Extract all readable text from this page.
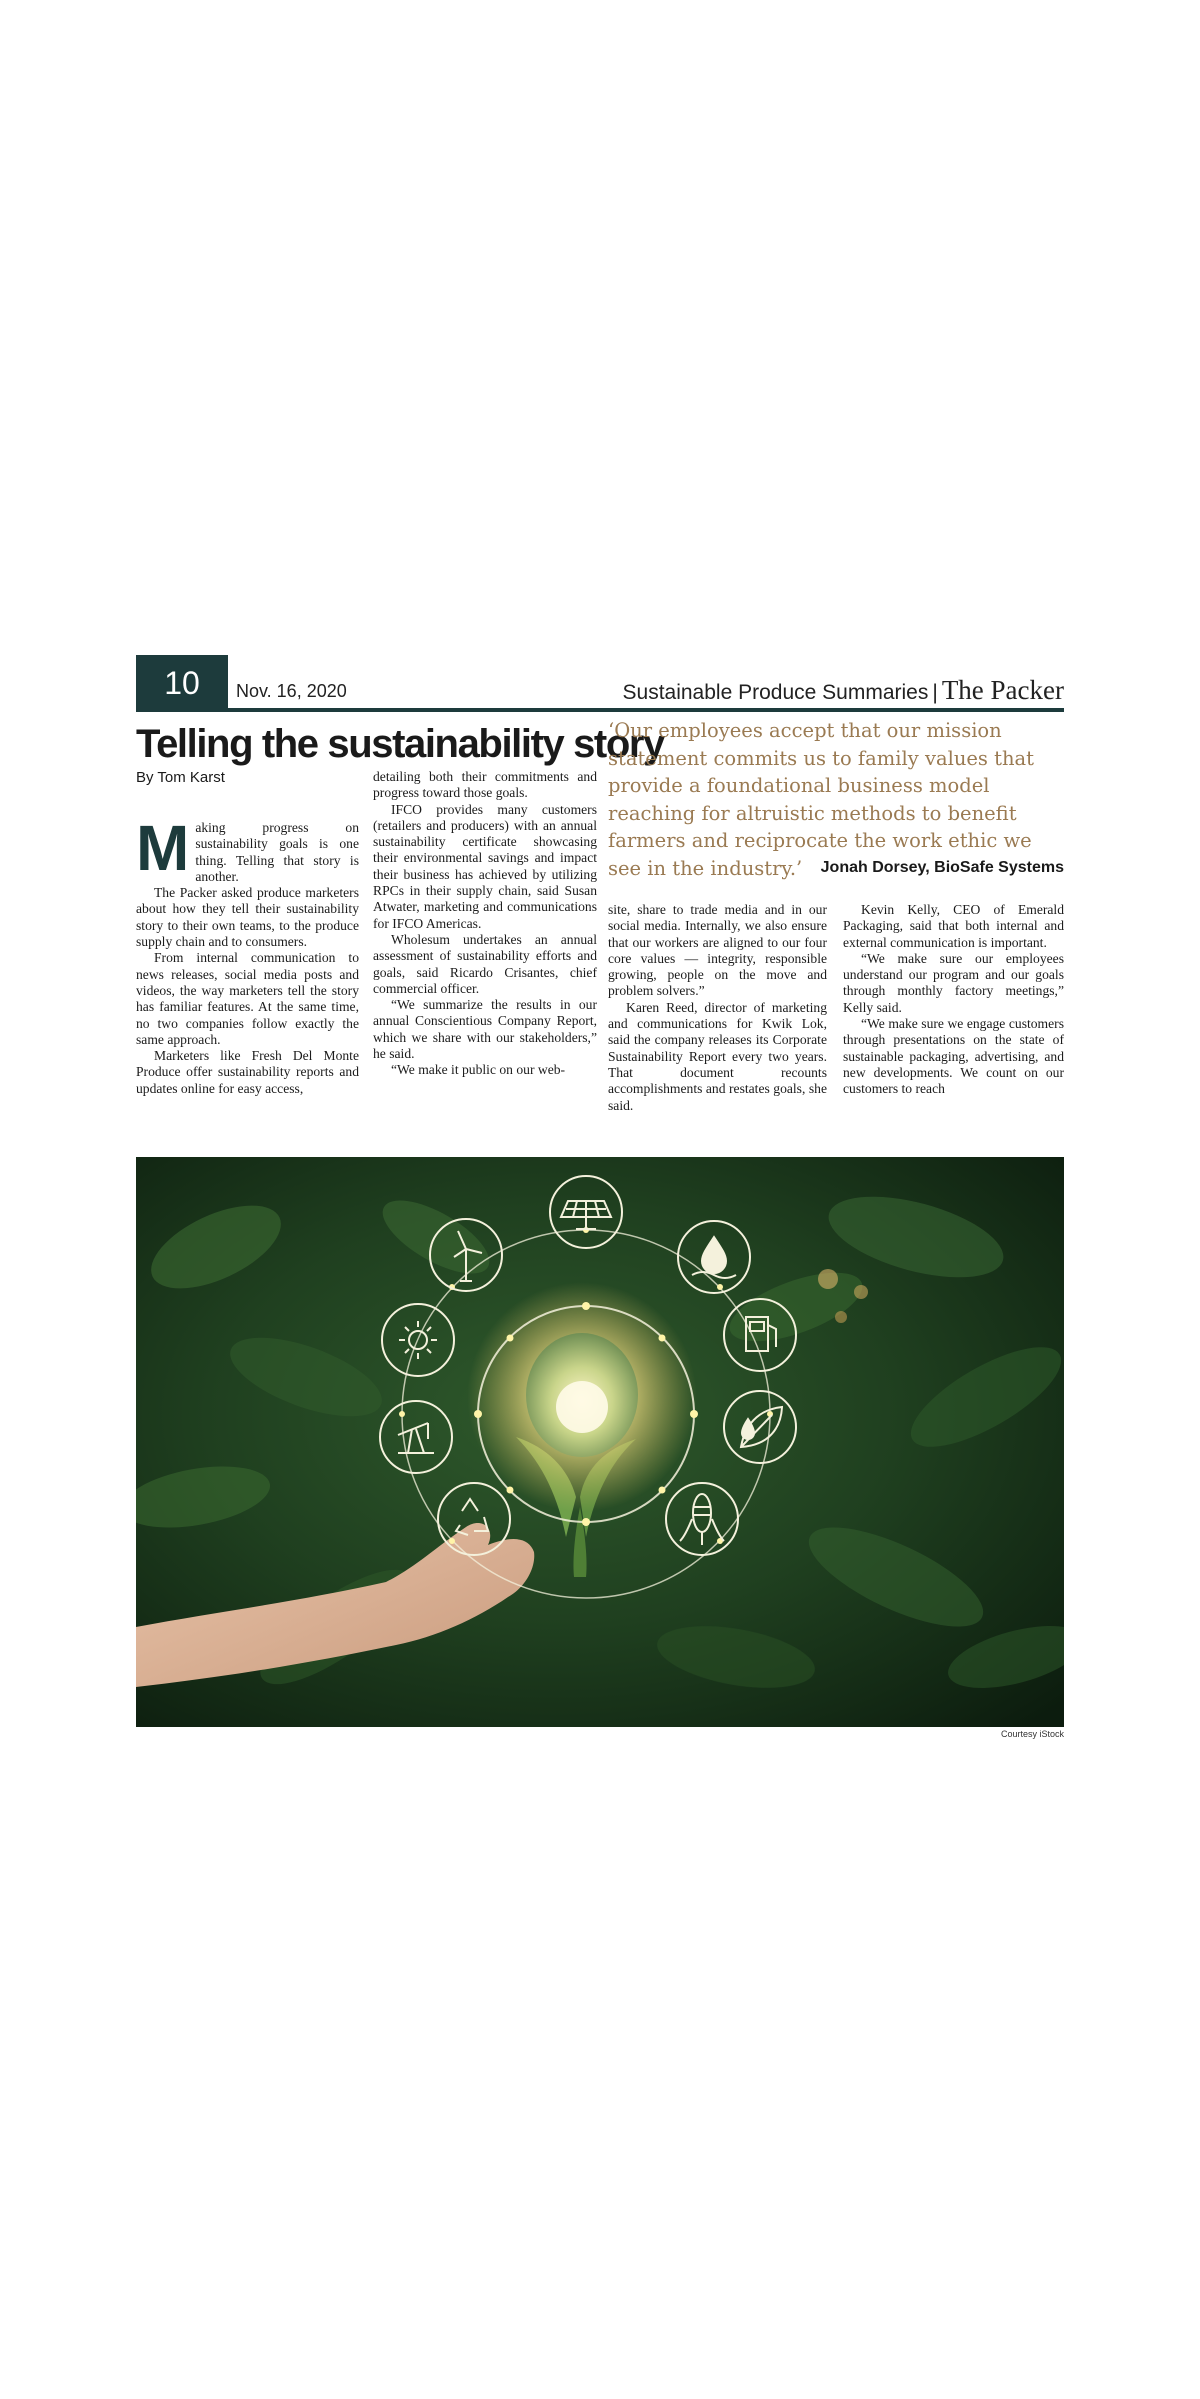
10	Nov. 16, 2020	Sustainable Produce Summaries | The Packer
Telling the sustainability story
By Tom Karst

‘Our employees accept that our mission statement commits us to family values that provide a foundational business model reaching for altruistic methods to benefit farmers and reciprocate the work ethic we see in the industry.’	Jonah Dorsey, BioSafe Systems

Making progress on sustainability goals is one thing. Telling that story is another.

The Packer asked produce marketers about how they tell their sustainability story to their own teams, to the produce supply chain and to consumers.

From internal communication to news releases, social media posts and videos, the way marketers tell the story has familiar features. At the same time, no two companies follow exactly the same approach.

Marketers like Fresh Del Monte Produce offer sustainability reports and updates online for easy access,

detailing both their commitments and progress toward those goals.

IFCO provides many customers (retailers and producers) with an annual sustainability certificate showcasing their environmental savings and impact their business has achieved by utilizing RPCs in their supply chain, said Susan Atwater, marketing and communications for IFCO Americas.

Wholesum undertakes an annual assessment of sustainability efforts and goals, said Ricardo Crisantes, chief commercial officer.

“We summarize the results in our annual Conscientious Company Report, which we share with our stakeholders,” he said.

“We make it public on our web-

site, share to trade media and in our social media. Internally, we also ensure that our workers are aligned to our four core values — integrity, responsible growing, people on the move and problem solvers.”

Karen Reed, director of marketing and communications for Kwik Lok, said the company releases its Corporate Sustainability Report every two years. That document recounts accomplishments and restates goals, she said.

Kevin Kelly, CEO of Emerald Packaging, said that both internal and external communication is important.

“We make sure our employees understand our program and our goals through monthly factory meetings,” Kelly said.

“We make sure we engage customers through presentations on the state of sustainable packaging, advertising, and new developments. We count on our customers to reach

Courtesy iStock
